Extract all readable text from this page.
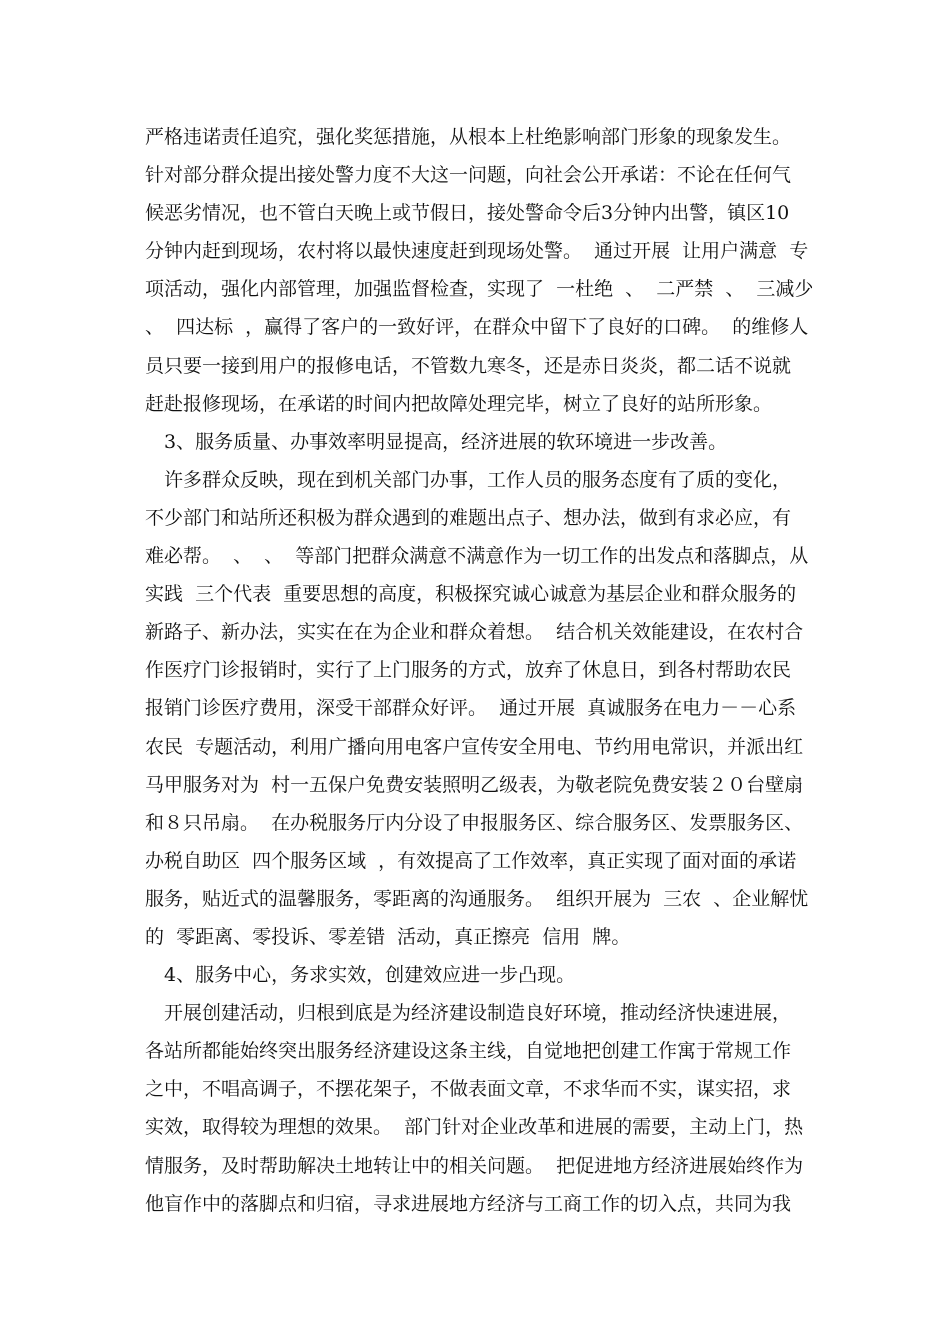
严格违诺责任追究，强化奖惩措施，从根本上杜绝影响部门形象的现象发生。
针对部分群众提出接处警力度不大这一问题，向社会公开承诺：不论在任何气
候恶劣情况，也不管白天晚上或节假日，接处警命令后3分钟内出警，镇区10
分钟内赶到现场，农村将以最快速度赶到现场处警。  通过开展  让用户满意  专
项活动，强化内部管理，加强监督检查，实现了  一杜绝  、  二严禁  、  三减少
、  四达标  ，赢得了客户的一致好评，在群众中留下了良好的口碑。  的维修人
员只要一接到用户的报修电话，不管数九寒冬，还是赤日炎炎，都二话不说就
赶赴报修现场，在承诺的时间内把故障处理完毕，树立了良好的站所形象。
3、服务质量、办事效率明显提高，经济进展的软环境进一步改善。
许多群众反映，现在到机关部门办事，工作人员的服务态度有了质的变化，
不少部门和站所还积极为群众遇到的难题出点子、想办法，做到有求必应，有
难必帮。  、  、  等部门把群众满意不满意作为一切工作的出发点和落脚点，从
实践  三个代表  重要思想的高度，积极探究诚心诚意为基层企业和群众服务的
新路子、新办法，实实在在为企业和群众着想。  结合机关效能建设，在农村合
作医疗门诊报销时，实行了上门服务的方式，放弃了休息日，到各村帮助农民
报销门诊医疗费用，深受干部群众好评。  通过开展  真诚服务在电力－－心系
农民  专题活动，利用广播向用电客户宣传安全用电、节约用电常识，并派出红
马甲服务对为  村一五保户免费安装照明乙级表，为敬老院免费安装２０台壁扇
和８只吊扇。  在办税服务厅内分设了申报服务区、综合服务区、发票服务区、
办税自助区  四个服务区域  ，有效提高了工作效率，真正实现了面对面的承诺
服务，贴近式的温馨服务，零距离的沟通服务。  组织开展为  三农  、企业解忧
的  零距离、零投诉、零差错  活动，真正擦亮  信用  牌。
4、服务中心，务求实效，创建效应进一步凸现。
开展创建活动，归根到底是为经济建设制造良好环境，推动经济快速进展，
各站所都能始终突出服务经济建设这条主线，自觉地把创建工作寓于常规工作
之中，不唱高调子，不摆花架子，不做表面文章，不求华而不实，谋实招，求
实效，取得较为理想的效果。  部门针对企业改革和进展的需要，主动上门，热
情服务，及时帮助解决土地转让中的相关问题。  把促进地方经济进展始终作为
他盲作中的落脚点和归宿，寻求进展地方经济与工商工作的切入点，共同为我
